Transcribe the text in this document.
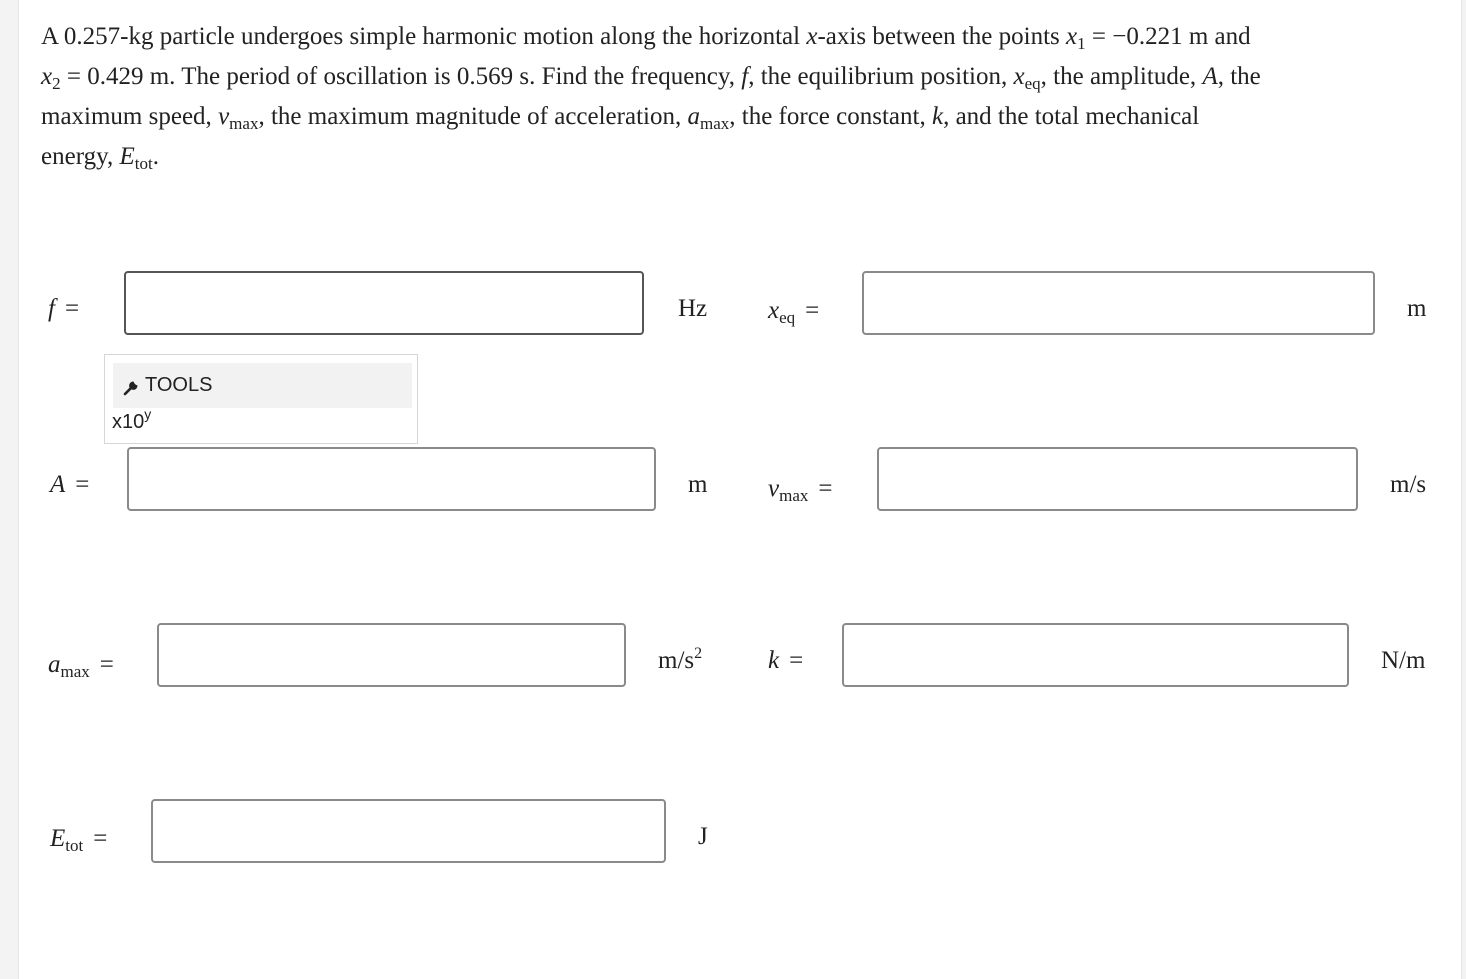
A 0.257-kg particle undergoes simple harmonic motion along the horizontal x-axis between the points $x_1 = -0.221$ m and
$x_2 = 0.429$ m. The period of oscillation is 0.569 s. Find the frequency, f, the equilibrium position, $x_{eq}$, the amplitude, A, the
maximum speed, $v_{max}$, the maximum magnitude of acceleration, $a_{max}$, the force constant, k, and the total mechanical
energy, $E_{tot}$.
f =	Hz $x_{eq}$ =	m
TOOLS
x10$^y$
A =	m $v_{max}$ =	m/s
$a_{max}$ =	$m/s^2$	k =	N/m
$E_{tot}$ =	J
